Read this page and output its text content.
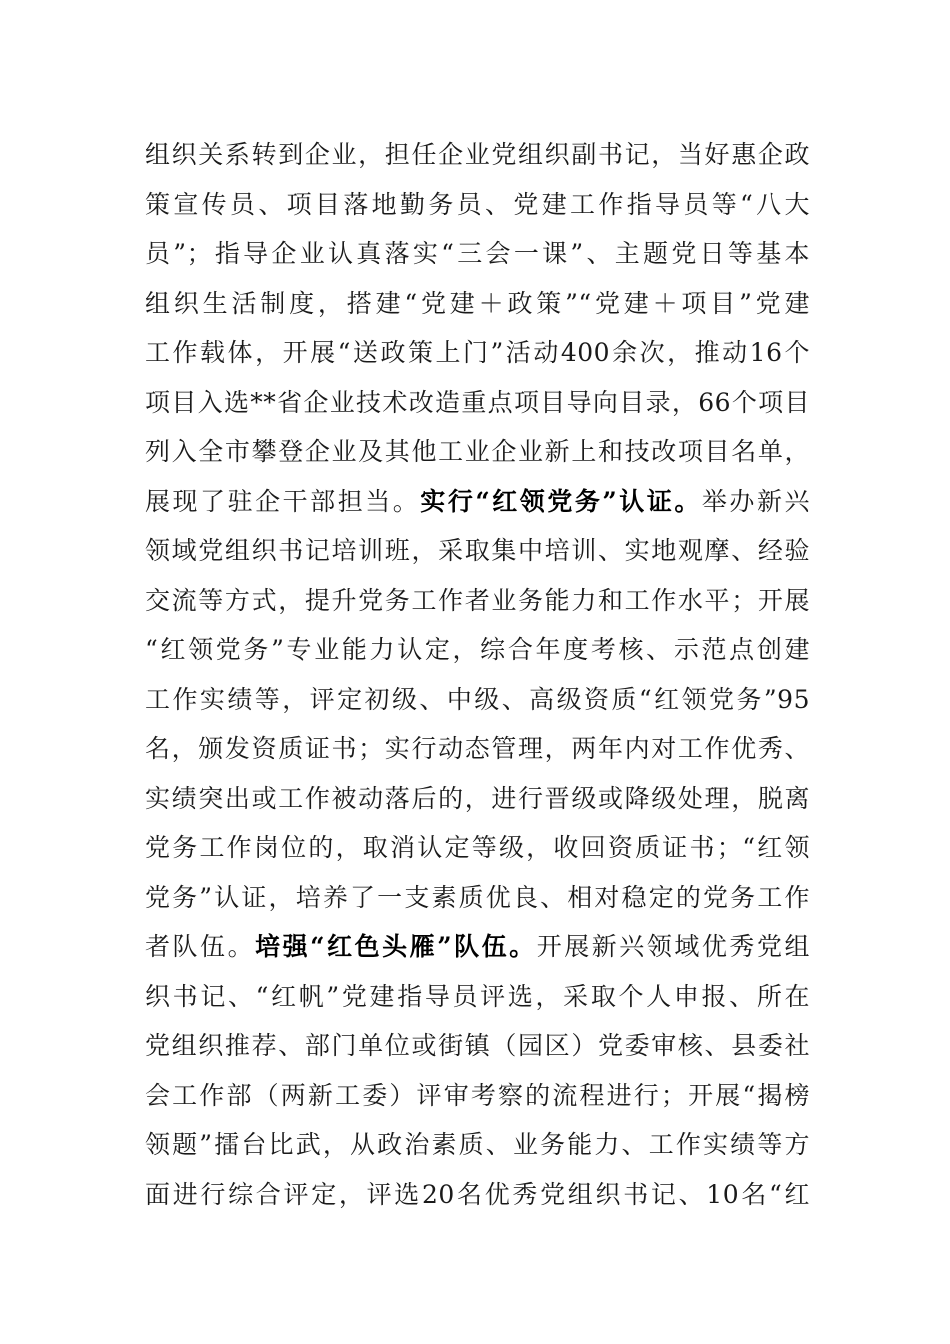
组织关系转到企业，担任企业党组织副书记，当好惠企政
策宣传员、项目落地勤务员、党建工作指导员等“八大
员”；指导企业认真落实“三会一课”、主题党日等基本
组织生活制度，搭建“党建＋政策”“党建＋项目”党建
工作载体，开展“送政策上门”活动400余次，推动16个
项目入选**省企业技术改造重点项目导向目录，66个项目
列入全市攀登企业及其他工业企业新上和技改项目名单，
展现了驻企干部担当。实行“红领党务”认证。举办新兴
领域党组织书记培训班，采取集中培训、实地观摩、经验
交流等方式，提升党务工作者业务能力和工作水平；开展
“红领党务”专业能力认定，综合年度考核、示范点创建
工作实绩等，评定初级、中级、高级资质“红领党务”95
名，颁发资质证书；实行动态管理，两年内对工作优秀、
实绩突出或工作被动落后的，进行晋级或降级处理，脱离
党务工作岗位的，取消认定等级，收回资质证书；“红领
党务”认证，培养了一支素质优良、相对稳定的党务工作
者队伍。培强“红色头雁”队伍。开展新兴领域优秀党组
织书记、“红帆”党建指导员评选，采取个人申报、所在
党组织推荐、部门单位或街镇（园区）党委审核、县委社
会工作部（两新工委）评审考察的流程进行；开展“揭榜
领题”擂台比武，从政治素质、业务能力、工作实绩等方
面进行综合评定，评选20名优秀党组织书记、10名“红
